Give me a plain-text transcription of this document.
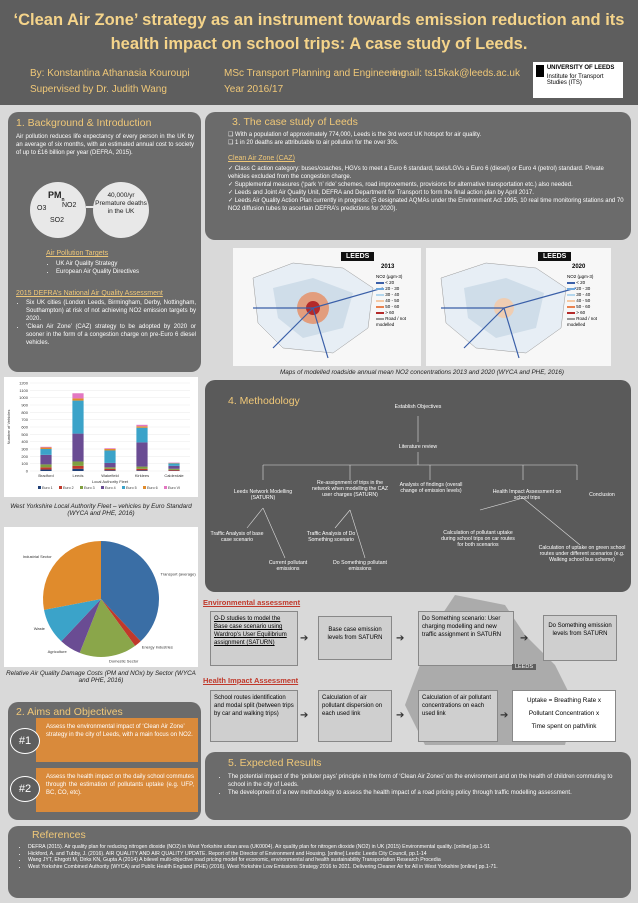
‘Clean Air Zone’ strategy as an instrument towards emission reduction and its health impact on school trips: A case study of Leeds.
By: Konstantina Athanasia Kouroupi	MSc Transport Planning and Engineering
e-mail: ts15kak@leeds.ac.uk
Supervised by Dr. Judith Wang	Year 2016/17
UNIVERSITY OF LEEDS
Institute for Transport Studies (ITS)
1. Background & Introduction
Air pollution reduces life expectancy of every person in the UK by an average of six months, with an estimated annual cost to society of up to £16 billion per year (DEFRA, 2015).
$PM_n$
O3 NO2
SO2
40,000/yr Premature deaths in the UK
Air Pollution Targets
• UK Air Quality Strategy
• European Air Quality Directives
2015 DEFRA’s National Air Quality Assessment
• Six UK cities (London Leeds, Birmingham, Derby, Nottingham, Southampton) at risk of not achieving NO2 emission targets by 2020.
• ‘Clean Air Zone’ (CAZ) strategy to be adopted by 2020 or sooner in the form of a congestion charge on pre-Euro 6 diesel vehicles.
0
100
200
300
400
500
600
700
800
900
1000
1100
1200
Number of Vehicles
Bradford	Leeds	Wakefield	Kirklees	Calderdale
Local Authority Fleet
Euro 1	Euro 2	Euro 3	Euro 4	Euro 5	Euro 6	Euro VI
West Yorkshire Local Authority Fleet – vehicles by Euro Standard (WYCA and PHE, 2016)
Transport (average)
Energy Industries
Domestic Sector
Agriculture
Waste
Industrial Sector
Relative Air Quality Damage Costs (PM and NOx) by Sector (WYCA and PHE, 2016)
2. Aims and Objectives
#1
Assess the environmental impact of ‘Clean Air Zone’ strategy in the city of Leeds, with a main focus on NO2.
#2
Assess the health impact on the daily school commutes through the estimation of pollutants uptake (e.g. UFP, BC, CO, etc).
3. The case study of Leeds
❑ With a population of approximately 774,000, Leeds is the 3rd worst UK hotspot for air quality.
❑ 1 in 20 deaths are attributable to air pollution for the over 30s.
Clean Air Zone (CAZ)
✓ Class C action category: buses/coaches, HGVs to meet a Euro 6 standard, taxis/LGVs a Euro 6 (diesel) or Euro 4 (petrol) standard. Private vehicles excluded from the congestion charge.
✓ Supplemental measures (‘park ‘n’ ride’ schemes, road improvements, provisions for alternative transportation etc.) also needed.
✓ Leeds and Joint Air Quality Unit, DEFRA and Department for Transport to form the final action plan by April 2017.
✓ Leeds Air Quality Action Plan currently in progress: (5 designated AQMAs under the Environment Act 1995, 10 real time monitoring stations and 70 NO2 diffusion tubes to ascertain DEFRA’s predictions for 2020).
LEEDS
2013
NO2 (µgm-3)
< 20
20 - 30
30 - 40
40 - 50
50 - 60
> 60
Road / not modelled
LEEDS
2020
NO2 (µgm-3)
< 20
20 - 30
30 - 40
40 - 50
50 - 60
> 60
Road / not modelled
Maps of modelled roadside annual mean NO2 concentrations 2013 and 2020 (WYCA and PHE, 2016)
4. Methodology	Establish Objectives
Literature review
Leeds Network Modelling (SATURN)
Re-assignment of trips in the network when modelling the CAZ user charges (SATURN)
Analysis of findings (overall change of emission levels)	Health Impact Assessment on school trips	Conclusion
Traffic Analysis of base case scenario
Current pollutant emissions
Traffic Analysis of Do Something scenario
Do Something pollutant emissions
Calculation of pollutant uptake during school trips on car routes for both scenarios	Calculation of uptake on green school routes under different scenarios (e.g. Walking school bus scheme)
Environmental assessment
O-D studies to model the Base case scenario using Wardrop’s User Equilibrium assignment (SATURN)
Base case emission levels from SATURN
Do Something scenario: User charging modelling and new traffic assignment in SATURN
Do Something emission levels from SATURN
➔	➔	➔
LEEDS
Health Impact Assessment
School routes identification and modal split (between trips by car and walking trips)
Calculation of air pollutant dispersion on each used link
Calculation of air pollutant concentrations on each used link
➔	➔	➔
Uptake = Breathing Rate x
Pollutant Concentration x
Time spent on path/link
5. Expected Results
• The potential impact of the ‘polluter pays’ principle in the form of ‘Clean Air Zones’ on the environment and on the health of children commuting to school in the city of Leeds.
• The development of a new methodology to assess the health impact of a road pricing policy through traffic modelling assessment.
References
• DEFRA (2015). Air quality plan for reducing nitrogen dioxide (NO2) in West Yorkshire urban area (UK0004). Air quality plan for nitrogen dioxide (NO2) in UK (2015) Environmental quality. [online] pp.1-51
• Hickford, A. and Tubby, J. (2016). AIR QUALITY AND AIR QUALITY UPDATE. Report of the Director of Environment and Housing. [online] Leeds: Leeds City Council, pp.1-14
• Wang JYT, Ehrgott M, Dirks KN, Gupta A (2014) A bilevel multi-objective road pricing model for economic, environmental and health sustainability Transportation Research Procedia
• West Yorkshire Combined Authority (WYCA) and Public Health England (PHE) (2016). West Yorkshire Low Emissions Strategy 2016 to 2021. Delivering Cleaner Air for All in West Yorkshire [online] pp.1-71.
